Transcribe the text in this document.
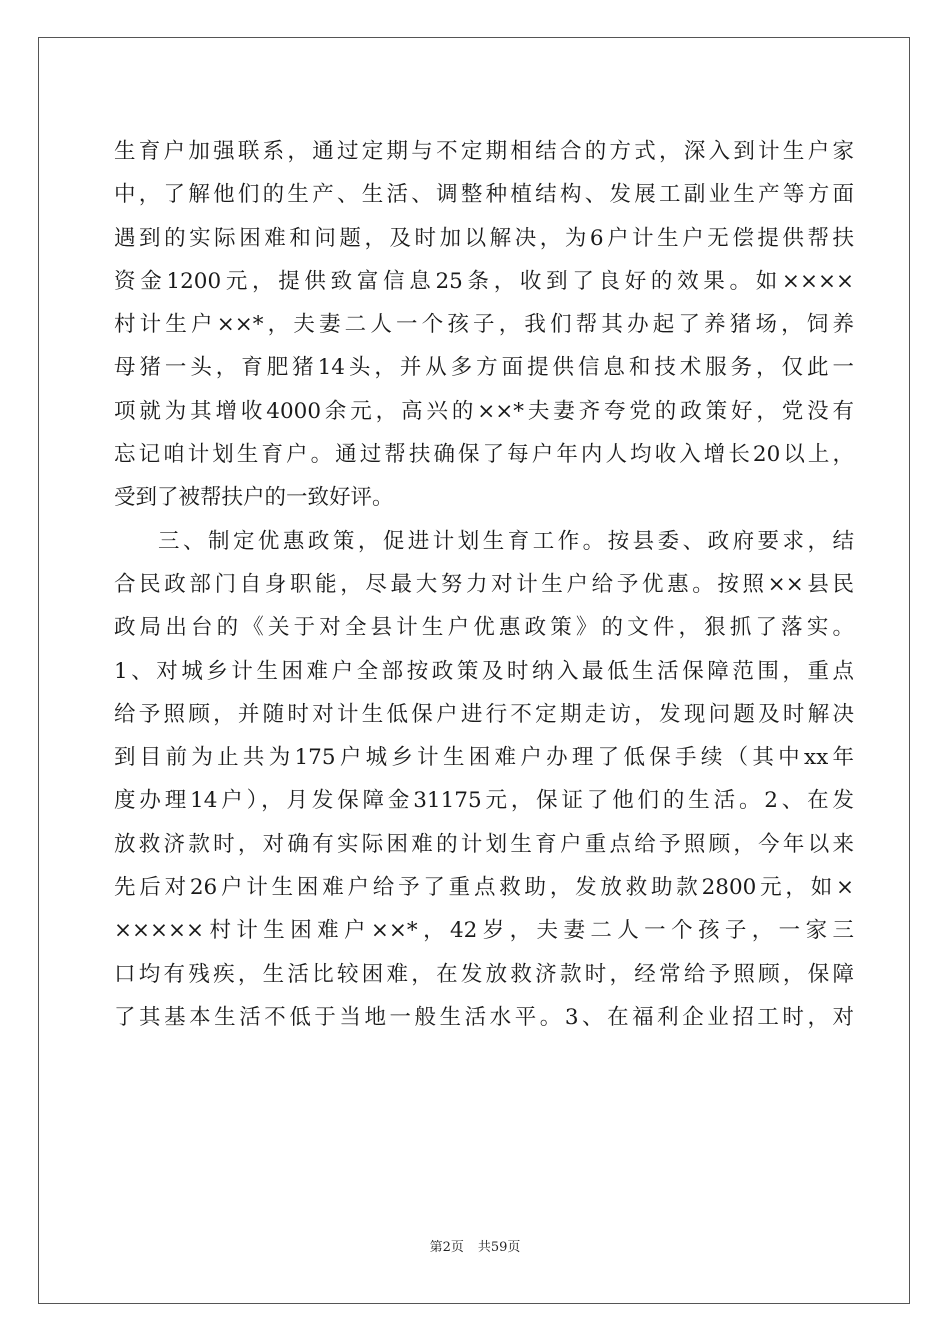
生育户加强联系，通过定期与不定期相结合的方式，深入到计生户家
中，了解他们的生产、生活、调整种植结构、发展工副业生产等方面
遇到的实际困难和问题，及时加以解决，为6户计生户无偿提供帮扶
资金1200元，提供致富信息25条，收到了良好的效果。如××××
村计生户××*，夫妻二人一个孩子，我们帮其办起了养猪场，饲养
母猪一头，育肥猪14头，并从多方面提供信息和技术服务，仅此一
项就为其增收4000余元，高兴的××*夫妻齐夸党的政策好，党没有
忘记咱计划生育户。通过帮扶确保了每户年内人均收入增长20以上，
受到了被帮扶户的一致好评。
三、制定优惠政策，促进计划生育工作。按县委、政府要求，结
合民政部门自身职能，尽最大努力对计生户给予优惠。按照××县民
政局出台的《关于对全县计生户优惠政策》的文件，狠抓了落实。
1、对城乡计生困难户全部按政策及时纳入最低生活保障范围，重点
给予照顾，并随时对计生低保户进行不定期走访，发现问题及时解决
到目前为止共为175户城乡计生困难户办理了低保手续（其中xx年
度办理14户），月发保障金31175元，保证了他们的生活。2、在发
放救济款时，对确有实际困难的计划生育户重点给予照顾，今年以来
先后对26户计生困难户给予了重点救助，发放救助款2800元，如×
×××××村计生困难户××*，42岁，夫妻二人一个孩子，一家三
口均有残疾，生活比较困难，在发放救济款时，经常给予照顾，保障
了其基本生活不低于当地一般生活水平。3、在福利企业招工时，对
第2页 共59页
